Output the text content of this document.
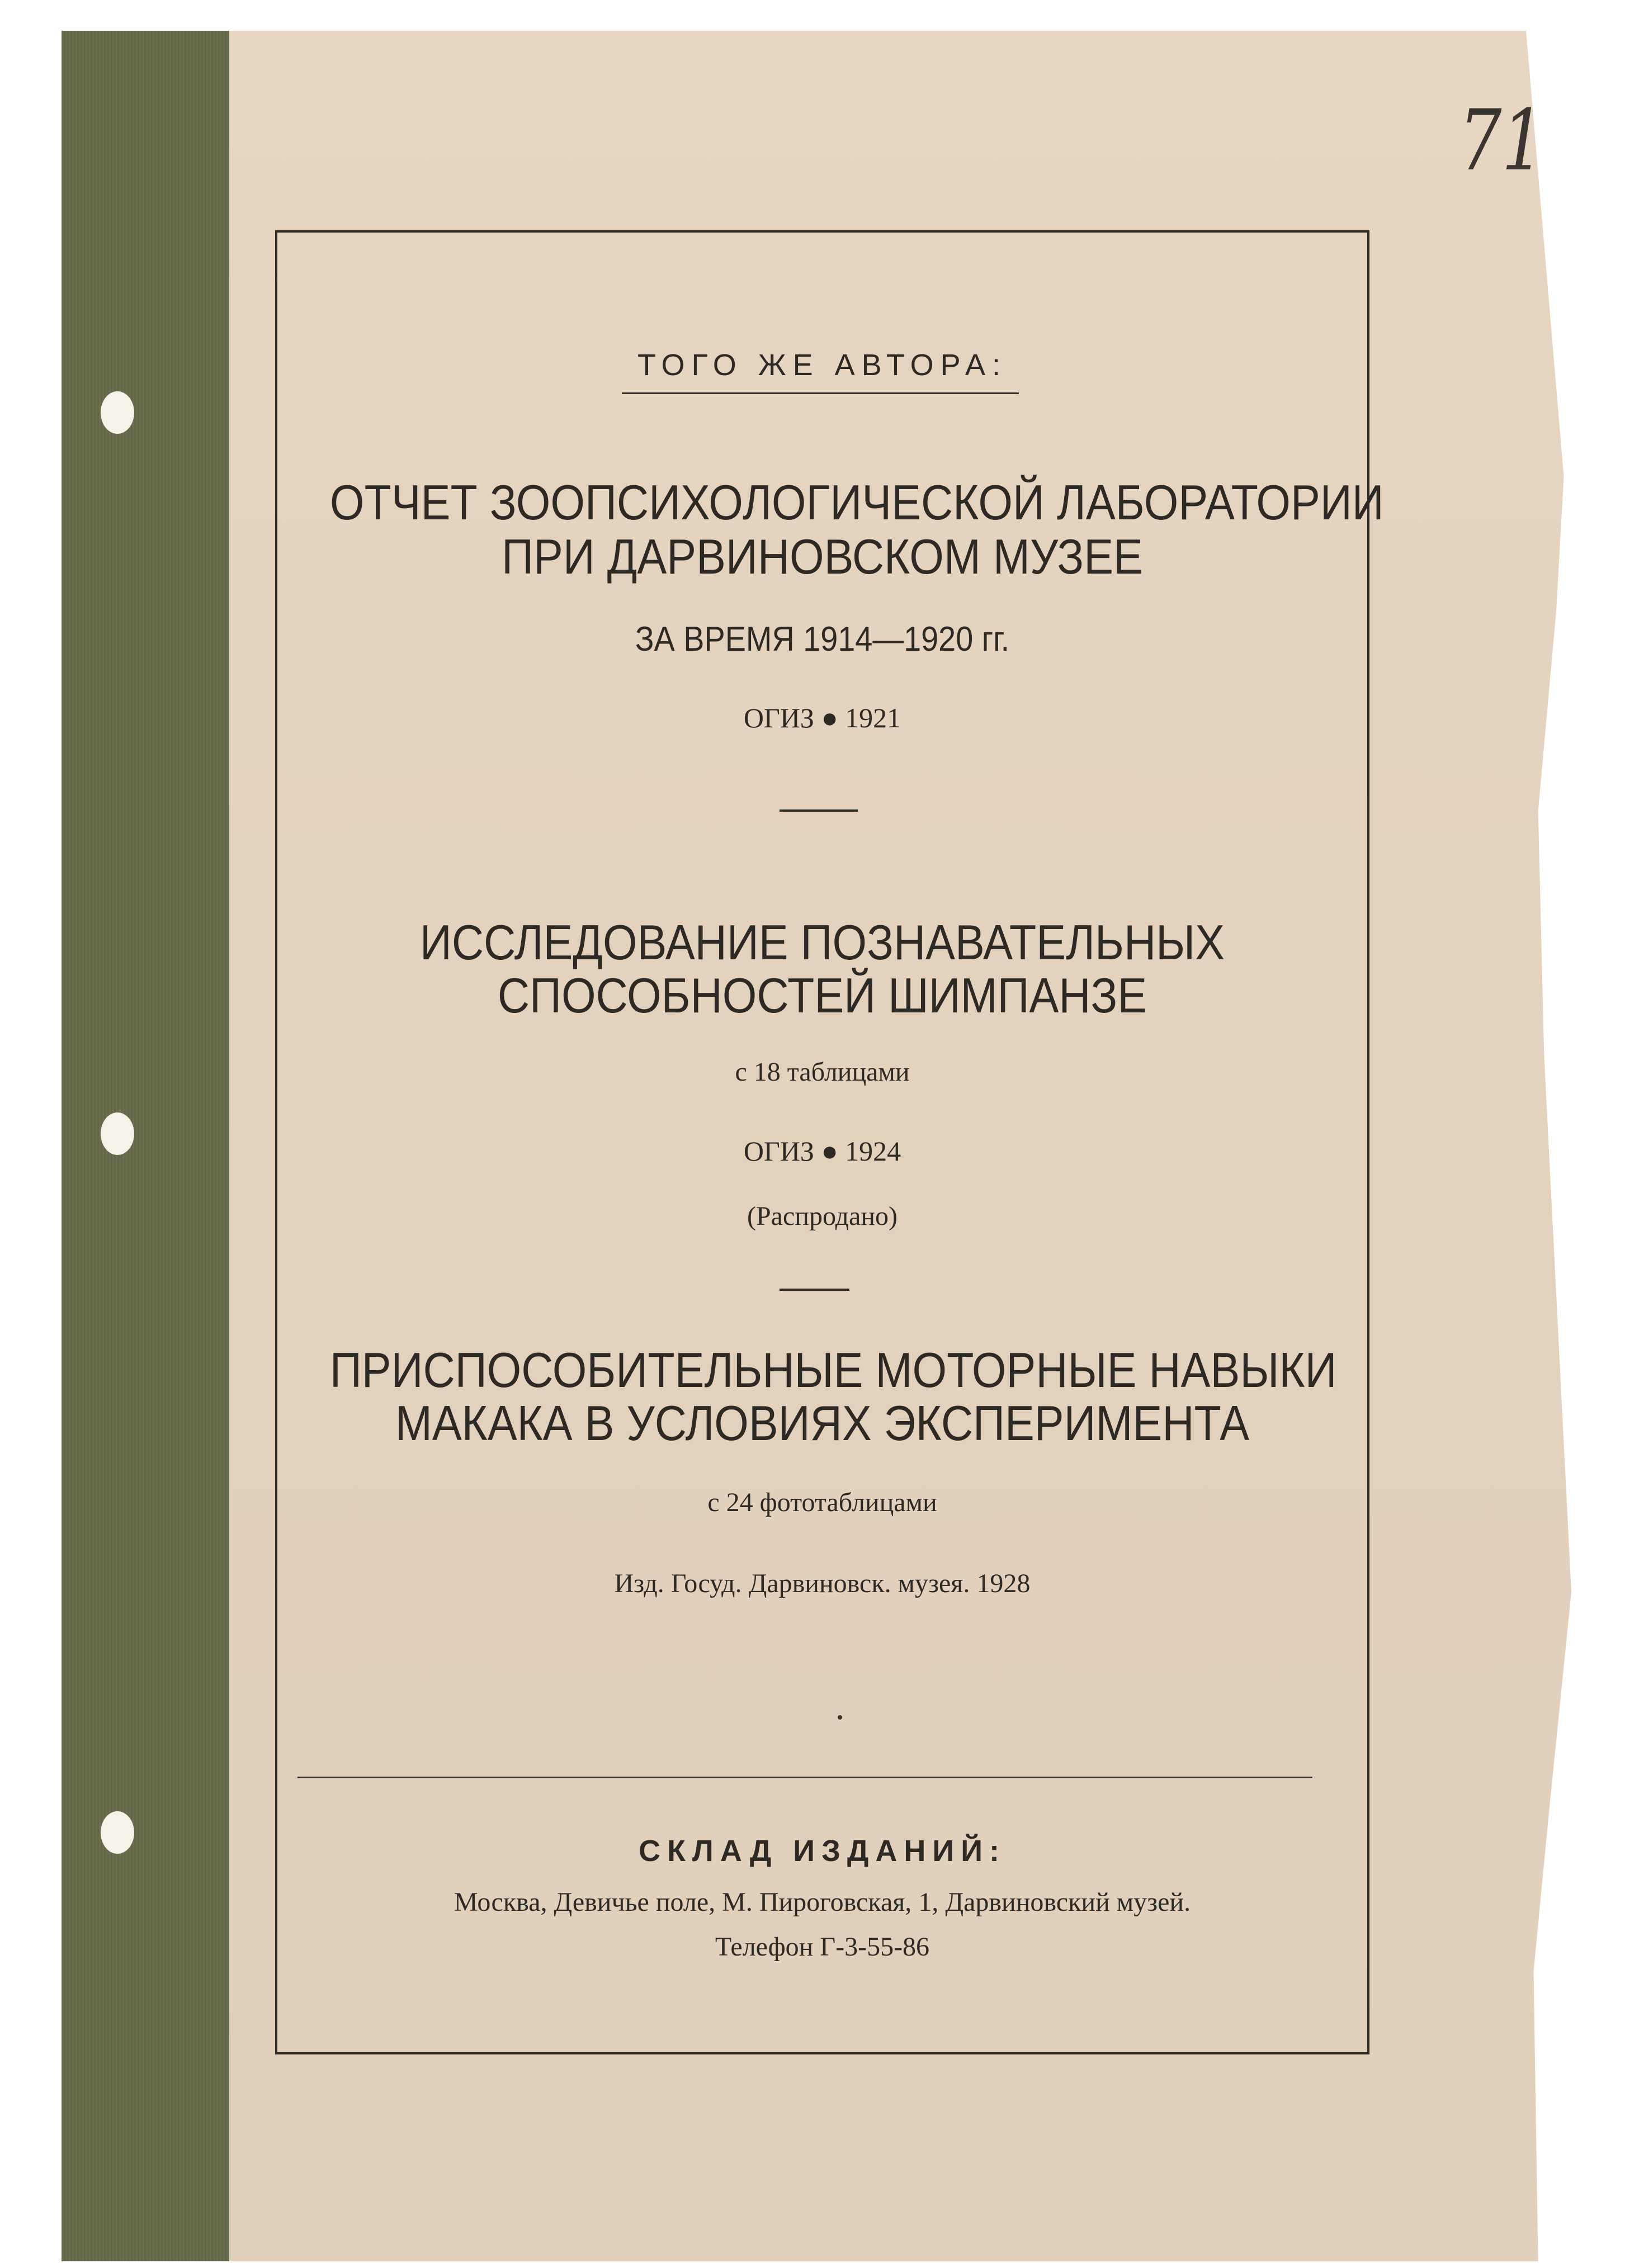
71
ТОГО ЖЕ АВТОРА:
ОТЧЕТ ЗООПСИХОЛОГИЧЕСКОЙ ЛАБОРАТОРИИ
ПРИ ДАРВИНОВСКОМ МУЗЕЕ
ЗА ВРЕМЯ 1914—1920 гг.
ОГИЗ ● 1921
ИССЛЕДОВАНИЕ ПОЗНАВАТЕЛЬНЫХ
СПОСОБНОСТЕЙ ШИМПАНЗЕ
с 18 таблицами
ОГИЗ ● 1924
(Распродано)
ПРИСПОСОБИТЕЛЬНЫЕ МОТОРНЫЕ НАВЫКИ
МАКАКА В УСЛОВИЯХ ЭКСПЕРИМЕНТА
с 24 фототаблицами
Изд. Госуд. Дарвиновск. музея. 1928
СКЛАД ИЗДАНИЙ:
Москва, Девичье поле, М. Пироговская, 1, Дарвиновский музей.
Телефон Г-3-55-86
